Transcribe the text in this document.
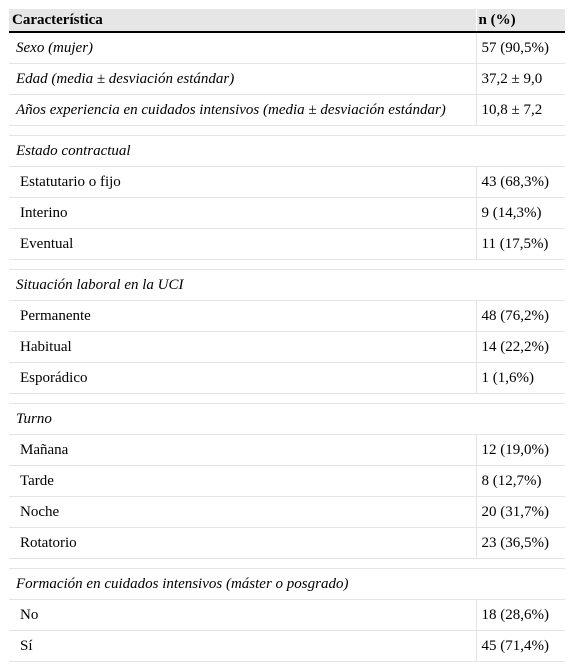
Característica	n (%)
Sexo (mujer)	57 (90,5%)
Edad (media ± desviación estándar)	37,2 ± 9,0
Años experiencia en cuidados intensivos (media ± desviación estándar)	10,8 ± 7,2

Estado contractual	
Estatutario o fijo	43 (68,3%)
Interino	9 (14,3%)
Eventual	11 (17,5%)

Situación laboral en la UCI	
Permanente	48 (76,2%)
Habitual	14 (22,2%)
Esporádico	1 (1,6%)

Turno	
Mañana	12 (19,0%)
Tarde	8 (12,7%)
Noche	20 (31,7%)
Rotatorio	23 (36,5%)

Formación en cuidados intensivos (máster o posgrado)	
No	18 (28,6%)
Sí	45 (71,4%)
